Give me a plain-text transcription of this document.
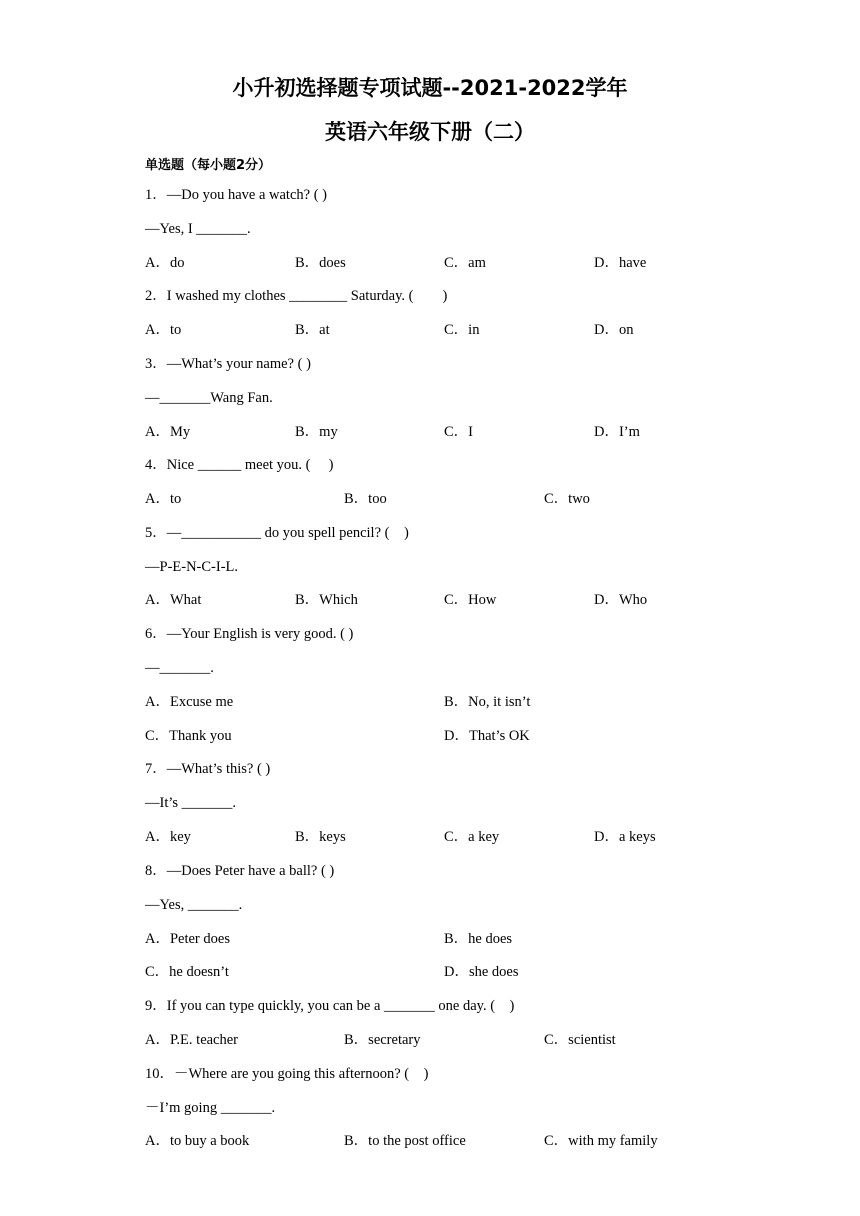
小升初选择题专项试题--2021-2022学年
英语六年级下册（二）
单选题（每小题2分）
1．—Do you have a watch? ( )
—Yes, I _______.
A．do	B．does	C．am	D．have
2．I washed my clothes ________ Saturday. (　　)
A．to	B．at	C．in	D．on
3．—What’s your name? ( )
—_______Wang Fan.
A．My	B．my	C．I	D．I’m
4．Nice ______ meet you. (　 )
A．to	B．too	C．two
5．—___________ do you spell pencil? (　)
—P-E-N-C-I-L.
A．What	B．Which	C．How	D．Who
6．—Your English is very good. ( )
—_______.
A．Excuse me	B．No, it isn’t
C．Thank you	D．That’s OK
7．—What’s this? ( )
—It’s _______.
A．key	B．keys	C．a key	D．a keys
8．—Does Peter have a ball? ( )
—Yes, _______.
A．Peter does	B．he does
C．he doesn’t	D．she does
9．If you can type quickly, you can be a _______ one day. (　)
A．P.E. teacher	B．secretary	C．scientist
10．－Where are you going this afternoon? (　)
－I’m going _______.
A．to buy a book	B．to the post office	C．with my family
